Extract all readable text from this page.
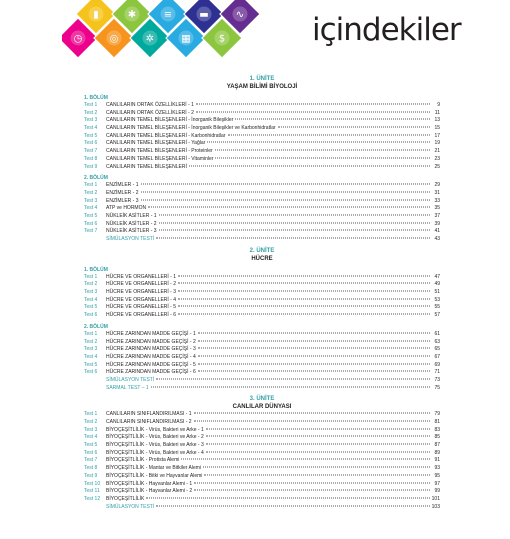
▮	✱	≡	▬	∿
◷	◎	✲	▦	$	içindekiler
1. ÜNİTE
YAŞAM BİLİMİ BİYOLOJİ
1. BÖLÜM
Test 1	CANLILARIN ORTAK ÖZELLİKLERİ - 1	9
Test 2	CANLILARIN ORTAK ÖZELLİKLERİ - 2	11
Test 3	CANLILARIN TEMEL BİLEŞENLERİ - İnorganik Bileşikler	13
Test 4	CANLILARIN TEMEL BİLEŞENLERİ - İnorganik Bileşikler ve Karbonhidratlar	15
Test 5	CANLILARIN TEMEL BİLEŞENLERİ - Karbonhidratlar	17
Test 6	CANLILARIN TEMEL BİLEŞENLERİ - Yağlar	19
Test 7	CANLILARIN TEMEL BİLEŞENLERİ - Proteinler	21
Test 8	CANLILARIN TEMEL BİLEŞENLERİ - Vitaminler	23
Test 9	CANLILARIN TEMEL BİLEŞENLERİ	25
2. BÖLÜM
Test 1	ENZİMLER - 1	29
Test 2	ENZİMLER - 2	31
Test 3	ENZİMLER - 3	33
Test 4	ATP ve HORMON	35
Test 5	NÜKLEİK ASİTLER - 1	37
Test 6	NÜKLEİK ASİTLER - 2	39
Test 7	NÜKLEİK ASİTLER - 3	41
SİMÜLASYON TESTİ	43
2. ÜNİTE
HÜCRE
1. BÖLÜM
Test 1	HÜCRE VE ORGANELLERİ - 1	47
Test 2	HÜCRE VE ORGANELLERİ - 2	49
Test 3	HÜCRE VE ORGANELLERİ - 3	51
Test 4	HÜCRE VE ORGANELLERİ - 4	53
Test 5	HÜCRE VE ORGANELLERİ - 5	55
Test 6	HÜCRE VE ORGANELLERİ - 6	57
2. BÖLÜM
Test 1	HÜCRE ZARINDAN MADDE GEÇİŞİ - 1	61
Test 2	HÜCRE ZARINDAN MADDE GEÇİŞİ - 2	63
Test 3	HÜCRE ZARINDAN MADDE GEÇİŞİ - 3	65
Test 4	HÜCRE ZARINDAN MADDE GEÇİŞİ - 4	67
Test 5	HÜCRE ZARINDAN MADDE GEÇİŞİ - 5	69
Test 6	HÜCRE ZARINDAN MADDE GEÇİŞİ - 6	71
SİMÜLASYON TESTİ	73
SARMAL TEST – 1	75
3. ÜNİTE
CANLILAR DÜNYASI
Test 1	CANLILARIN SINIFLANDIRILMASI - 1	79
Test 2	CANLILARIN SINIFLANDIRILMASI - 2	81
Test 3	BİYOÇEŞİTLİLİK - Virüs, Bakteri ve Arke - 1	83
Test 4	BİYOÇEŞİTLİLİK - Virüs, Bakteri ve Arke - 2	85
Test 5	BİYOÇEŞİTLİLİK - Virüs, Bakteri ve Arke - 3	87
Test 6	BİYOÇEŞİTLİLİK - Virüs, Bakteri ve Arke - 4	89
Test 7	BİYOÇEŞİTLİLİK - Protista Alemi	91
Test 8	BİYOÇEŞİTLİLİK - Mantar ve Bitkiler Alemi	93
Test 9	BİYOÇEŞİTLİLİK - Bitki ve Hayvanlar Alemi	95
Test 10	BİYOÇEŞİTLİLİK - Hayvanlar Alemi - 1	97
Test 11	BİYOÇEŞİTLİLİK - Hayvanlar Alemi - 2	99
Test 12	BİYOÇEŞİTLİLİK	101
SİMÜLASYON TESTİ	103
